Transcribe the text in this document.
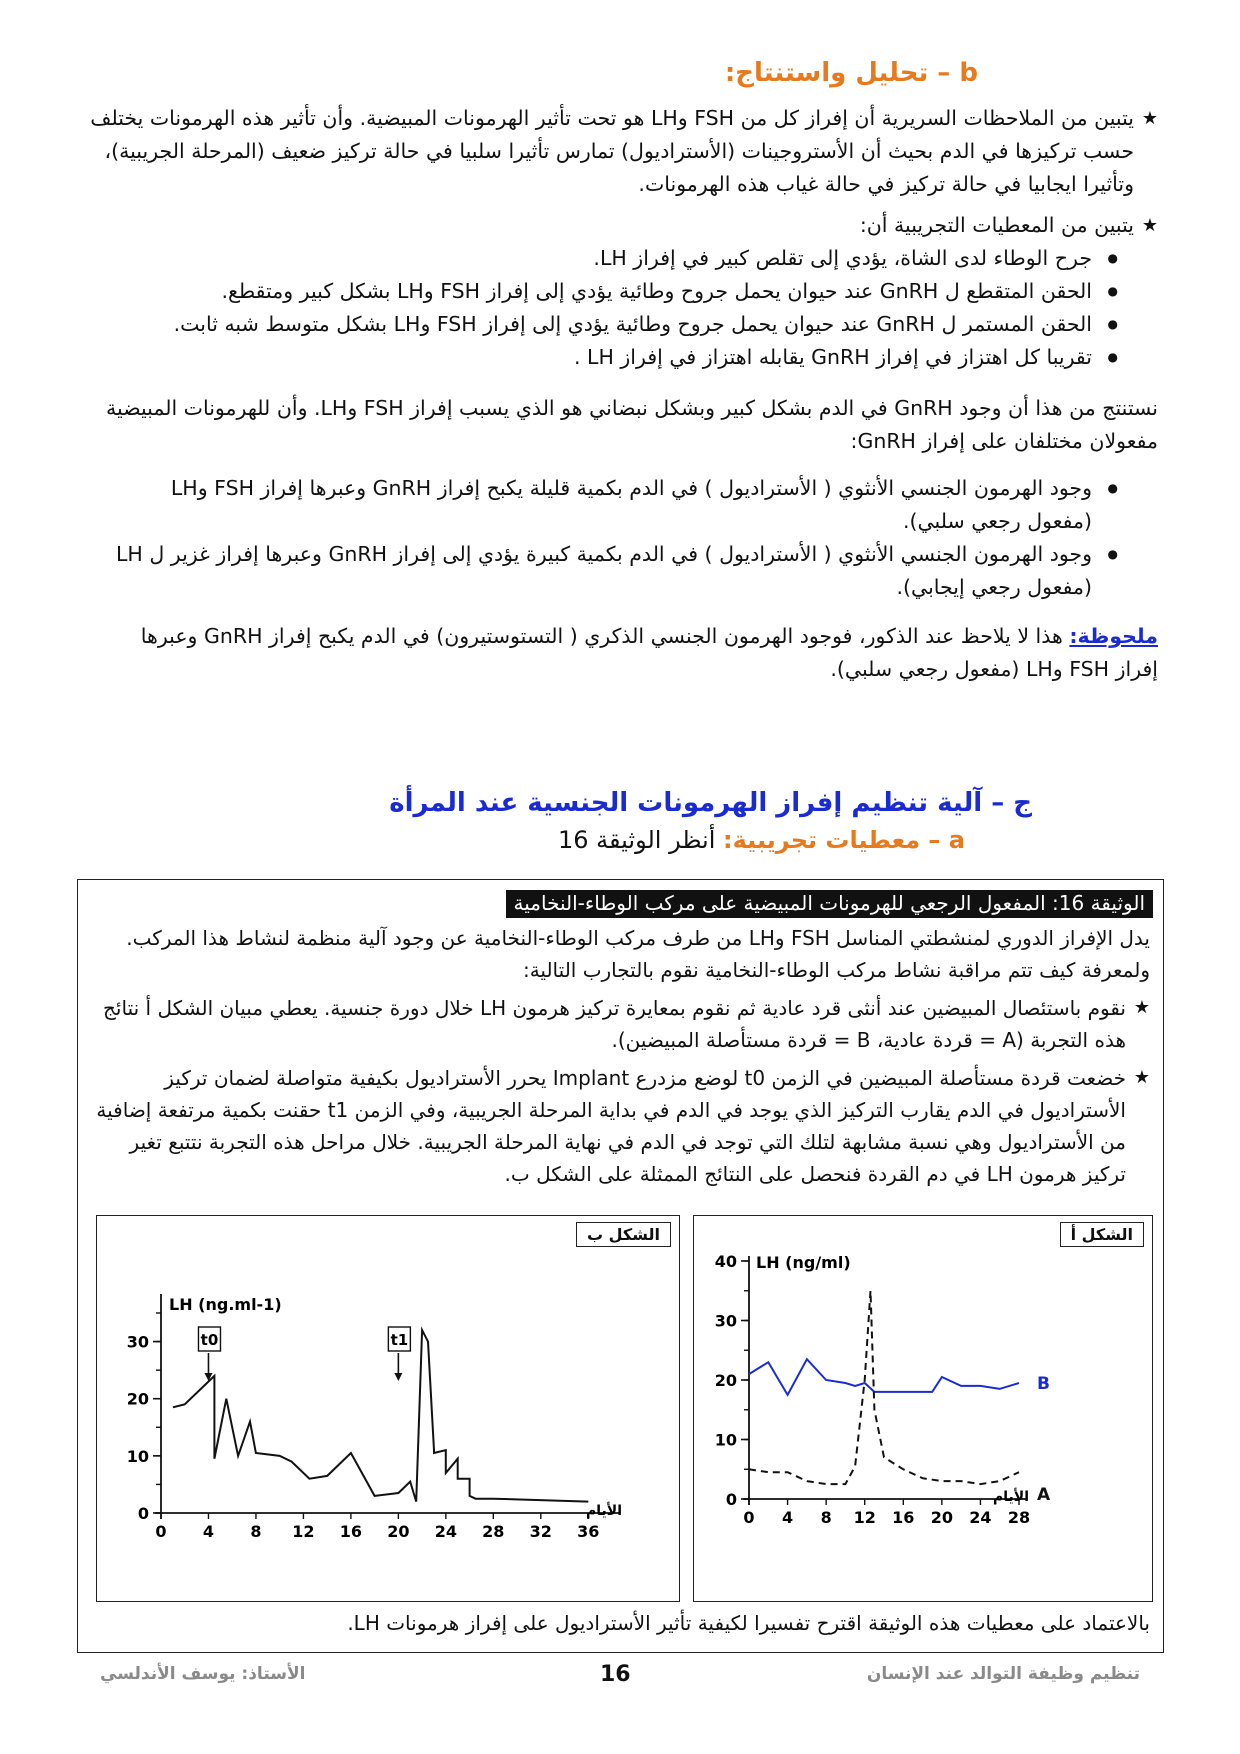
b – تحليل واستنتاج:
★ يتبين من الملاحظات السريرية أن إفراز كل من FSH وLH هو تحت تأثير الهرمونات المبيضية. وأن تأثير هذه الهرمونات يختلف حسب تركيزها في الدم بحيث أن الأستروجينات (الأستراديول) تمارس تأثيرا سلبيا في حالة تركيز ضعيف (المرحلة الجريبية)، وتأثيرا ايجابيا في حالة تركيز في حالة غياب هذه الهرمونات.
★ يتبين من المعطيات التجريبية أن:
● جرح الوطاء لدى الشاة، يؤدي إلى تقلص كبير في إفراز LH.
● الحقن المتقطع ل GnRH عند حيوان يحمل جروح وطائية يؤدي إلى إفراز FSH وLH بشكل كبير ومتقطع.
● الحقن المستمر ل GnRH عند حيوان يحمل جروح وطائية يؤدي إلى إفراز FSH وLH بشكل متوسط شبه ثابت.
● تقريبا كل اهتزاز في إفراز GnRH يقابله اهتزاز في إفراز LH .
نستنتج من هذا أن وجود GnRH في الدم بشكل كبير وبشكل نبضاني هو الذي يسبب إفراز FSH وLH. وأن للهرمونات المبيضية مفعولان مختلفان على إفراز GnRH:
● وجود الهرمون الجنسي الأنثوي ( الأستراديول ) في الدم بكمية قليلة يكبح إفراز GnRH وعبرها إفراز FSH وLH (مفعول رجعي سلبي).
● وجود الهرمون الجنسي الأنثوي ( الأستراديول ) في الدم بكمية كبيرة يؤدي إلى إفراز GnRH وعبرها إفراز غزير ل LH (مفعول رجعي إيجابي).
ملحوظة: هذا لا يلاحظ عند الذكور، فوجود الهرمون الجنسي الذكري ( التستوستيرون) في الدم يكبح إفراز GnRH وعبرها إفراز FSH وLH (مفعول رجعي سلبي).
ج – آلية تنظيم إفراز الهرمونات الجنسية عند المرأة
a – معطيات تجريبية: أنظر الوثيقة 16
الوثيقة 16: المفعول الرجعي للهرمونات المبيضية على مركب الوطاء-النخامية
يدل الإفراز الدوري لمنشطتي المناسل FSH وLH من طرف مركب الوطاء-النخامية عن وجود آلية منظمة لنشاط هذا المركب. ولمعرفة كيف تتم مراقبة نشاط مركب الوطاء-النخامية نقوم بالتجارب التالية:
★ نقوم باستئصال المبيضين عند أنثى قرد عادية ثم نقوم بمعايرة تركيز هرمون LH خلال دورة جنسية. يعطي مبيان الشكل أ نتائج هذه التجربة (A = قردة عادية، B = قردة مستأصلة المبيضين).
★ خضعت قردة مستأصلة المبيضين في الزمن t0 لوضع مزدرع Implant يحرر الأستراديول بكيفية متواصلة لضمان تركيز الأستراديول في الدم يقارب التركيز الذي يوجد في الدم في بداية المرحلة الجريبية، وفي الزمن t1 حقنت بكمية مرتفعة إضافية من الأستراديول وهي نسبة مشابهة لتلك التي توجد في الدم في نهاية المرحلة الجريبية. خلال مراحل هذه التجربة نتتبع تغير تركيز هرمون LH في دم القردة فنحصل على النتائج الممثلة على الشكل ب.
الشكل أ
0
10
20
30
40
0 4 8 12 16 20 24 28
الأيام
LH (ng/ml)
B
A
الشكل ب
0
10
20
30
0 4 8 12 16 20 24 28 32 36
الأيام
LH (ng.ml-1)
t0	t1
بالاعتماد على معطيات هذه الوثيقة اقترح تفسيرا لكيفية تأثير الأستراديول على إفراز هرمونات LH.
الأستاذ: يوسف الأندلسي	16	تنظيم وظيفة التوالد عند الإنسان
